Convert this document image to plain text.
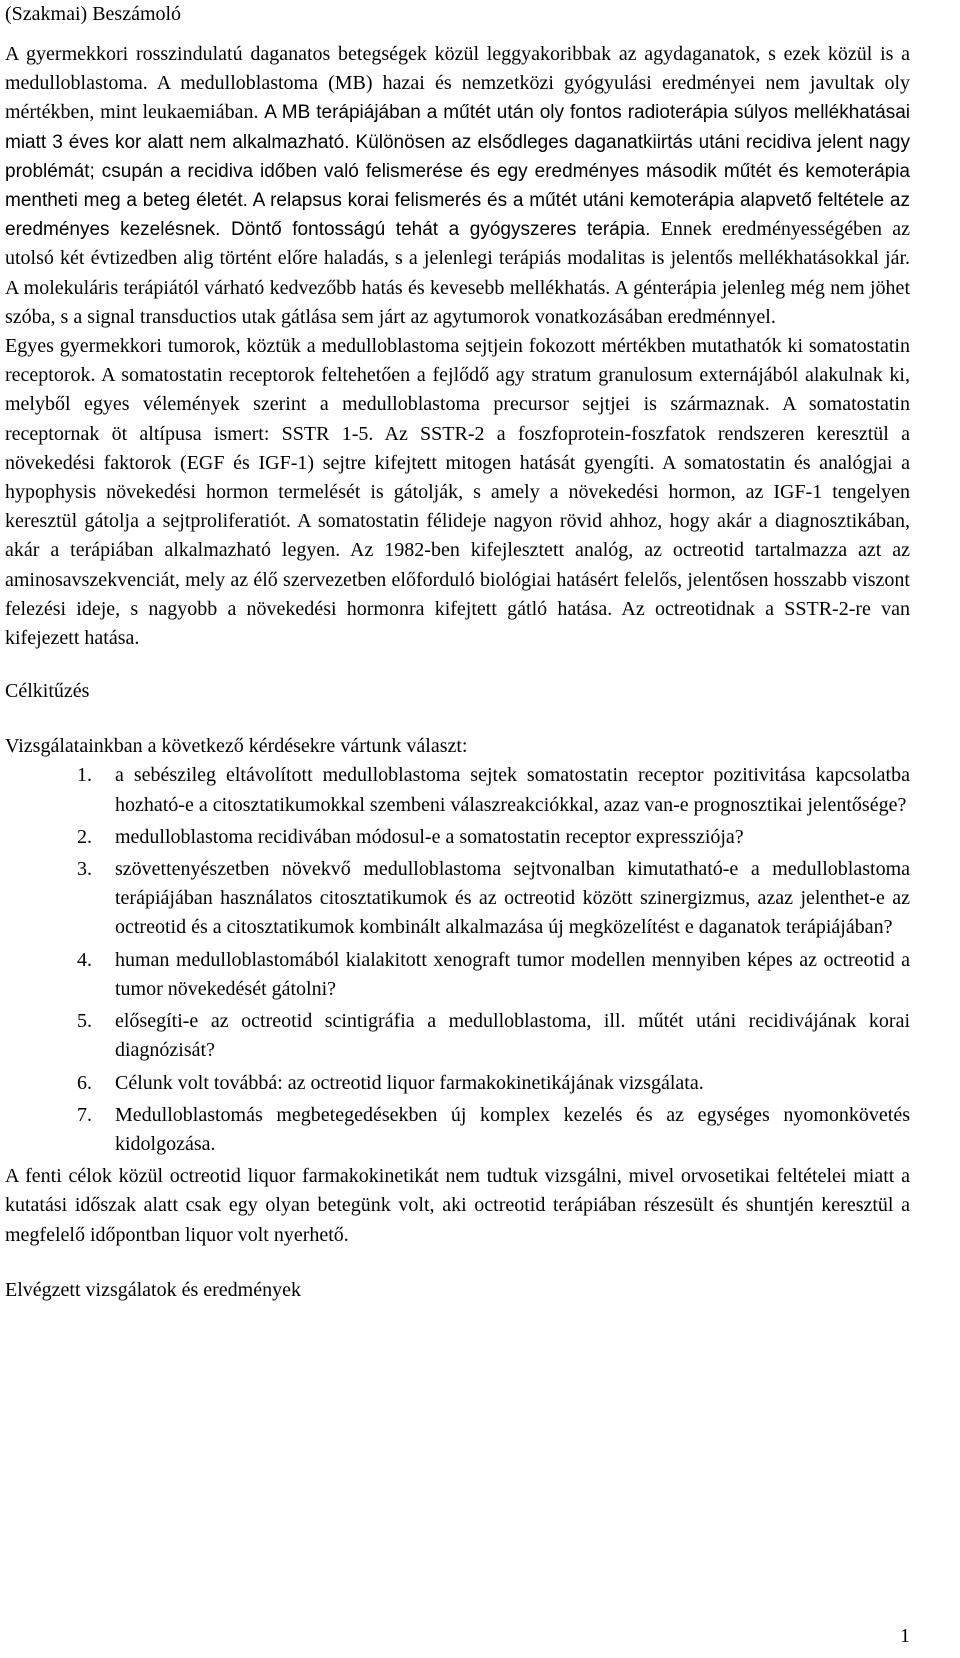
(Szakmai) Beszámoló

A gyermekkori rosszindulatú daganatos betegségek közül leggyakoribbak az agydaganatok, s ezek közül is a medulloblastoma. A medulloblastoma (MB) hazai és nemzetközi gyógyulási eredményei nem javultak oly mértékben, mint leukaemiában. A MB terápiájában a műtét után oly fontos radioterápia súlyos mellékhatásai miatt 3 éves kor alatt nem alkalmazható. Különösen az elsődleges daganatkiirtás utáni recidiva jelent nagy problémát; csupán a recidiva időben való felismerése és egy eredményes második műtét és kemoterápia mentheti meg a beteg életét. A relapsus korai felismerés és a műtét utáni kemoterápia alapvető feltétele az eredményes kezelésnek. Döntő fontosságú tehát a gyógyszeres terápia. Ennek eredményességében az utolsó két évtizedben alig történt előre haladás, s a jelenlegi terápiás modalitas is jelentős mellékhatásokkal jár. A molekuláris terápiától várható kedvezőbb hatás és kevesebb mellékhatás. A génterápia jelenleg még nem jöhet szóba, s a signal transductios utak gátlása sem járt az agytumorok vonatkozásában eredménnyel.

Egyes gyermekkori tumorok, köztük a medulloblastoma sejtjein fokozott mértékben mutathatók ki somatostatin receptorok. A somatostatin receptorok feltehetően a fejlődő agy stratum granulosum externájából alakulnak ki, melyből egyes vélemények szerint a medulloblastoma precursor sejtjei is származnak. A somatostatin receptornak öt altípusa ismert: SSTR 1-5. Az SSTR-2 a foszfoprotein-foszfatok rendszeren keresztül a növekedési faktorok (EGF és IGF-1) sejtre kifejtett mitogen hatását gyengíti. A somatostatin és analógjai a hypophysis növekedési hormon termelését is gátolják, s amely a növekedési hormon, az IGF-1 tengelyen keresztül gátolja a sejtproliferatiót. A somatostatin félideje nagyon rövid ahhoz, hogy akár a diagnosztikában, akár a terápiában alkalmazható legyen. Az 1982-ben kifejlesztett analóg, az octreotid tartalmazza azt az aminosavszekvenciát, mely az élő szervezetben előforduló biológiai hatásért felelős, jelentősen hosszabb viszont felezési ideje, s nagyobb a növekedési hormonra kifejtett gátló hatása. Az octreotidnak a SSTR-2-re van kifejezett hatása.

Célkitűzés

Vizsgálatainkban a következő kérdésekre vártunk választ:

1. a sebészileg eltávolított medulloblastoma sejtek somatostatin receptor pozitivitása kapcsolatba hozható-e a citosztatikumokkal szembeni válaszreakciókkal, azaz van-e prognosztikai jelentősége?
2. medulloblastoma recidivában módosul-e a somatostatin receptor expressziója?
3. szövettenyészetben növekvő medulloblastoma sejtvonalban kimutatható-e a medulloblastoma terápiájában használatos citosztatikumok és az octreotid között szinergizmus, azaz jelenthet-e az octreotid és a citosztatikumok kombinált alkalmazása új megközelítést e daganatok terápiájában?
4. human medulloblastomából kialakitott xenograft tumor modellen mennyiben képes az octreotid a tumor növekedését gátolni?
5. elősegíti-e az octreotid scintigráfia a medulloblastoma, ill. műtét utáni recidivájának korai diagnózisát?
6. Célunk volt továbbá: az octreotid liquor farmakokinetikájának vizsgálata.
7. Medulloblastomás megbetegedésekben új komplex kezelés és az egységes nyomonkövetés kidolgozása.

A fenti célok közül octreotid liquor farmakokinetikát nem tudtuk vizsgálni, mivel orvosetikai feltételei miatt a kutatási időszak alatt csak egy olyan betegünk volt, aki octreotid terápiában részesült és shuntjén keresztül a megfelelő időpontban liquor volt nyerhető.

Elvégzett vizsgálatok és eredmények
1
